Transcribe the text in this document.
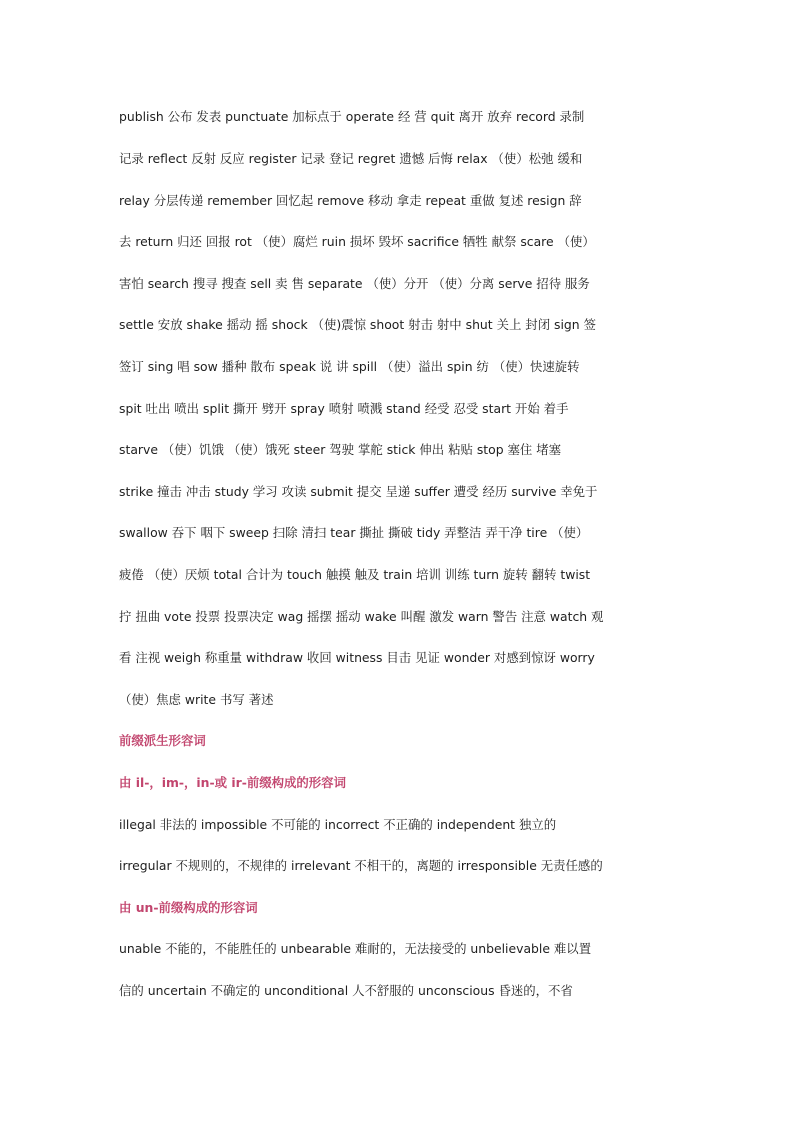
publish 公布 发表 punctuate 加标点于 operate 经 营 quit 离开 放弃 record 录制
记录 reflect 反射 反应 register 记录 登记 regret 遗憾 后悔 relax （使）松弛 缓和
relay 分层传递 remember 回忆起 remove 移动 拿走 repeat 重做 复述 resign 辞
去 return 归还 回报 rot （使）腐烂 ruin 损坏 毁坏 sacrifice 牺牲 献祭 scare （使）
害怕 search 搜寻 搜查 sell 卖 售 separate （使）分开 （使）分离 serve 招待 服务
settle 安放 shake 摇动 摇 shock （使)震惊 shoot 射击 射中 shut 关上 封闭 sign 签
签订 sing 唱 sow 播种 散布 speak 说 讲 spill （使）溢出 spin 纺 （使）快速旋转
spit 吐出 喷出 split 撕开 劈开 spray 喷射 喷溅 stand 经受 忍受 start 开始 着手
starve （使）饥饿 （使）饿死 steer 驾驶 掌舵 stick 伸出 粘贴 stop 塞住 堵塞
strike 撞击 冲击 study 学习 攻读 submit 提交 呈递 suffer 遭受 经历 survive 幸免于
swallow 吞下 咽下 sweep 扫除 清扫 tear 撕扯 撕破 tidy 弄整洁 弄干净 tire （使）
疲倦 （使）厌烦 total 合计为 touch 触摸 触及 train 培训 训练 turn 旋转 翻转 twist
拧 扭曲 vote 投票 投票决定 wag 摇摆 摇动 wake 叫醒 激发 warn 警告 注意 watch 观
看 注视 weigh 称重量 withdraw 收回 witness 目击 见证 wonder 对感到惊讶 worry
（使）焦虑 write 书写 著述
前缀派生形容词
由 il-，im-，in-或 ir-前缀构成的形容词
illegal 非法的 impossible 不可能的 incorrect 不正确的 independent 独立的
irregular 不规则的，不规律的 irrelevant 不相干的，离题的 irresponsible 无责任感的
由 un-前缀构成的形容词
unable 不能的，不能胜任的 unbearable 难耐的，无法接受的 unbelievable 难以置
信的 uncertain 不确定的 unconditional 人不舒服的 unconscious 昏迷的，不省
